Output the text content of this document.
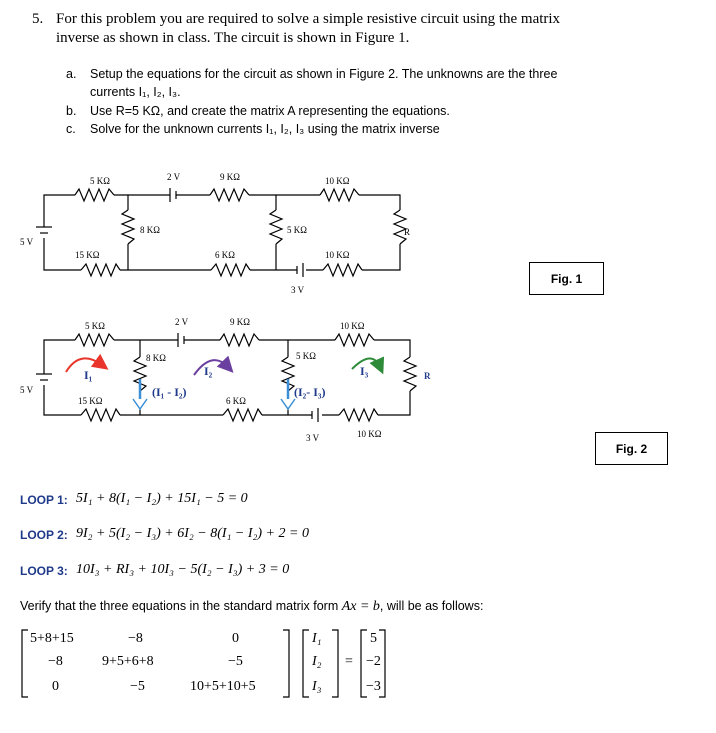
5. For this problem you are required to solve a simple resistive circuit using the matrix
inverse as shown in class. The circuit is shown in Figure 1.
a. Setup the equations for the circuit as shown in Figure 2. The unknowns are the three
currents I₁, I₂, I₃.
b. Use R=5 KΩ, and create the matrix A representing the equations.
c. Solve for the unknown currents I₁, I₂, I₃ using the matrix inverse
5 KΩ	2 V	9 KΩ	10 KΩ
8 KΩ	5 KΩ	R
5 V
15 KΩ	6 KΩ	10 KΩ
3 V
Fig. 1
5 KΩ	2 V	9 KΩ	10 KΩ
8 KΩ	5 KΩ
R
5 V
I₁	I₂	I₃
(I₁ - I₂)	(I₂- I₃)
15 KΩ	6 KΩ
10 KΩ
3 V
Fig. 2
LOOP 1: 5I₁ + 8(I₁ − I₂) + 15I₁ − 5 = 0
LOOP 2: 9I₂ + 5(I₂ − I₃) + 6I₂ − 8(I₁ − I₂) + 2 = 0
LOOP 3: 10I₃ + RI₃ + 10I₃ − 5(I₂ − I₃) + 3 = 0
Verify that the three equations in the standard matrix form Ax = b, will be as follows:
5+8+15	−8	0
−8	9+5+6+8	−5
0	−5	10+5+10+5
I₁
I₂
I₃
=
5
−2
−3
